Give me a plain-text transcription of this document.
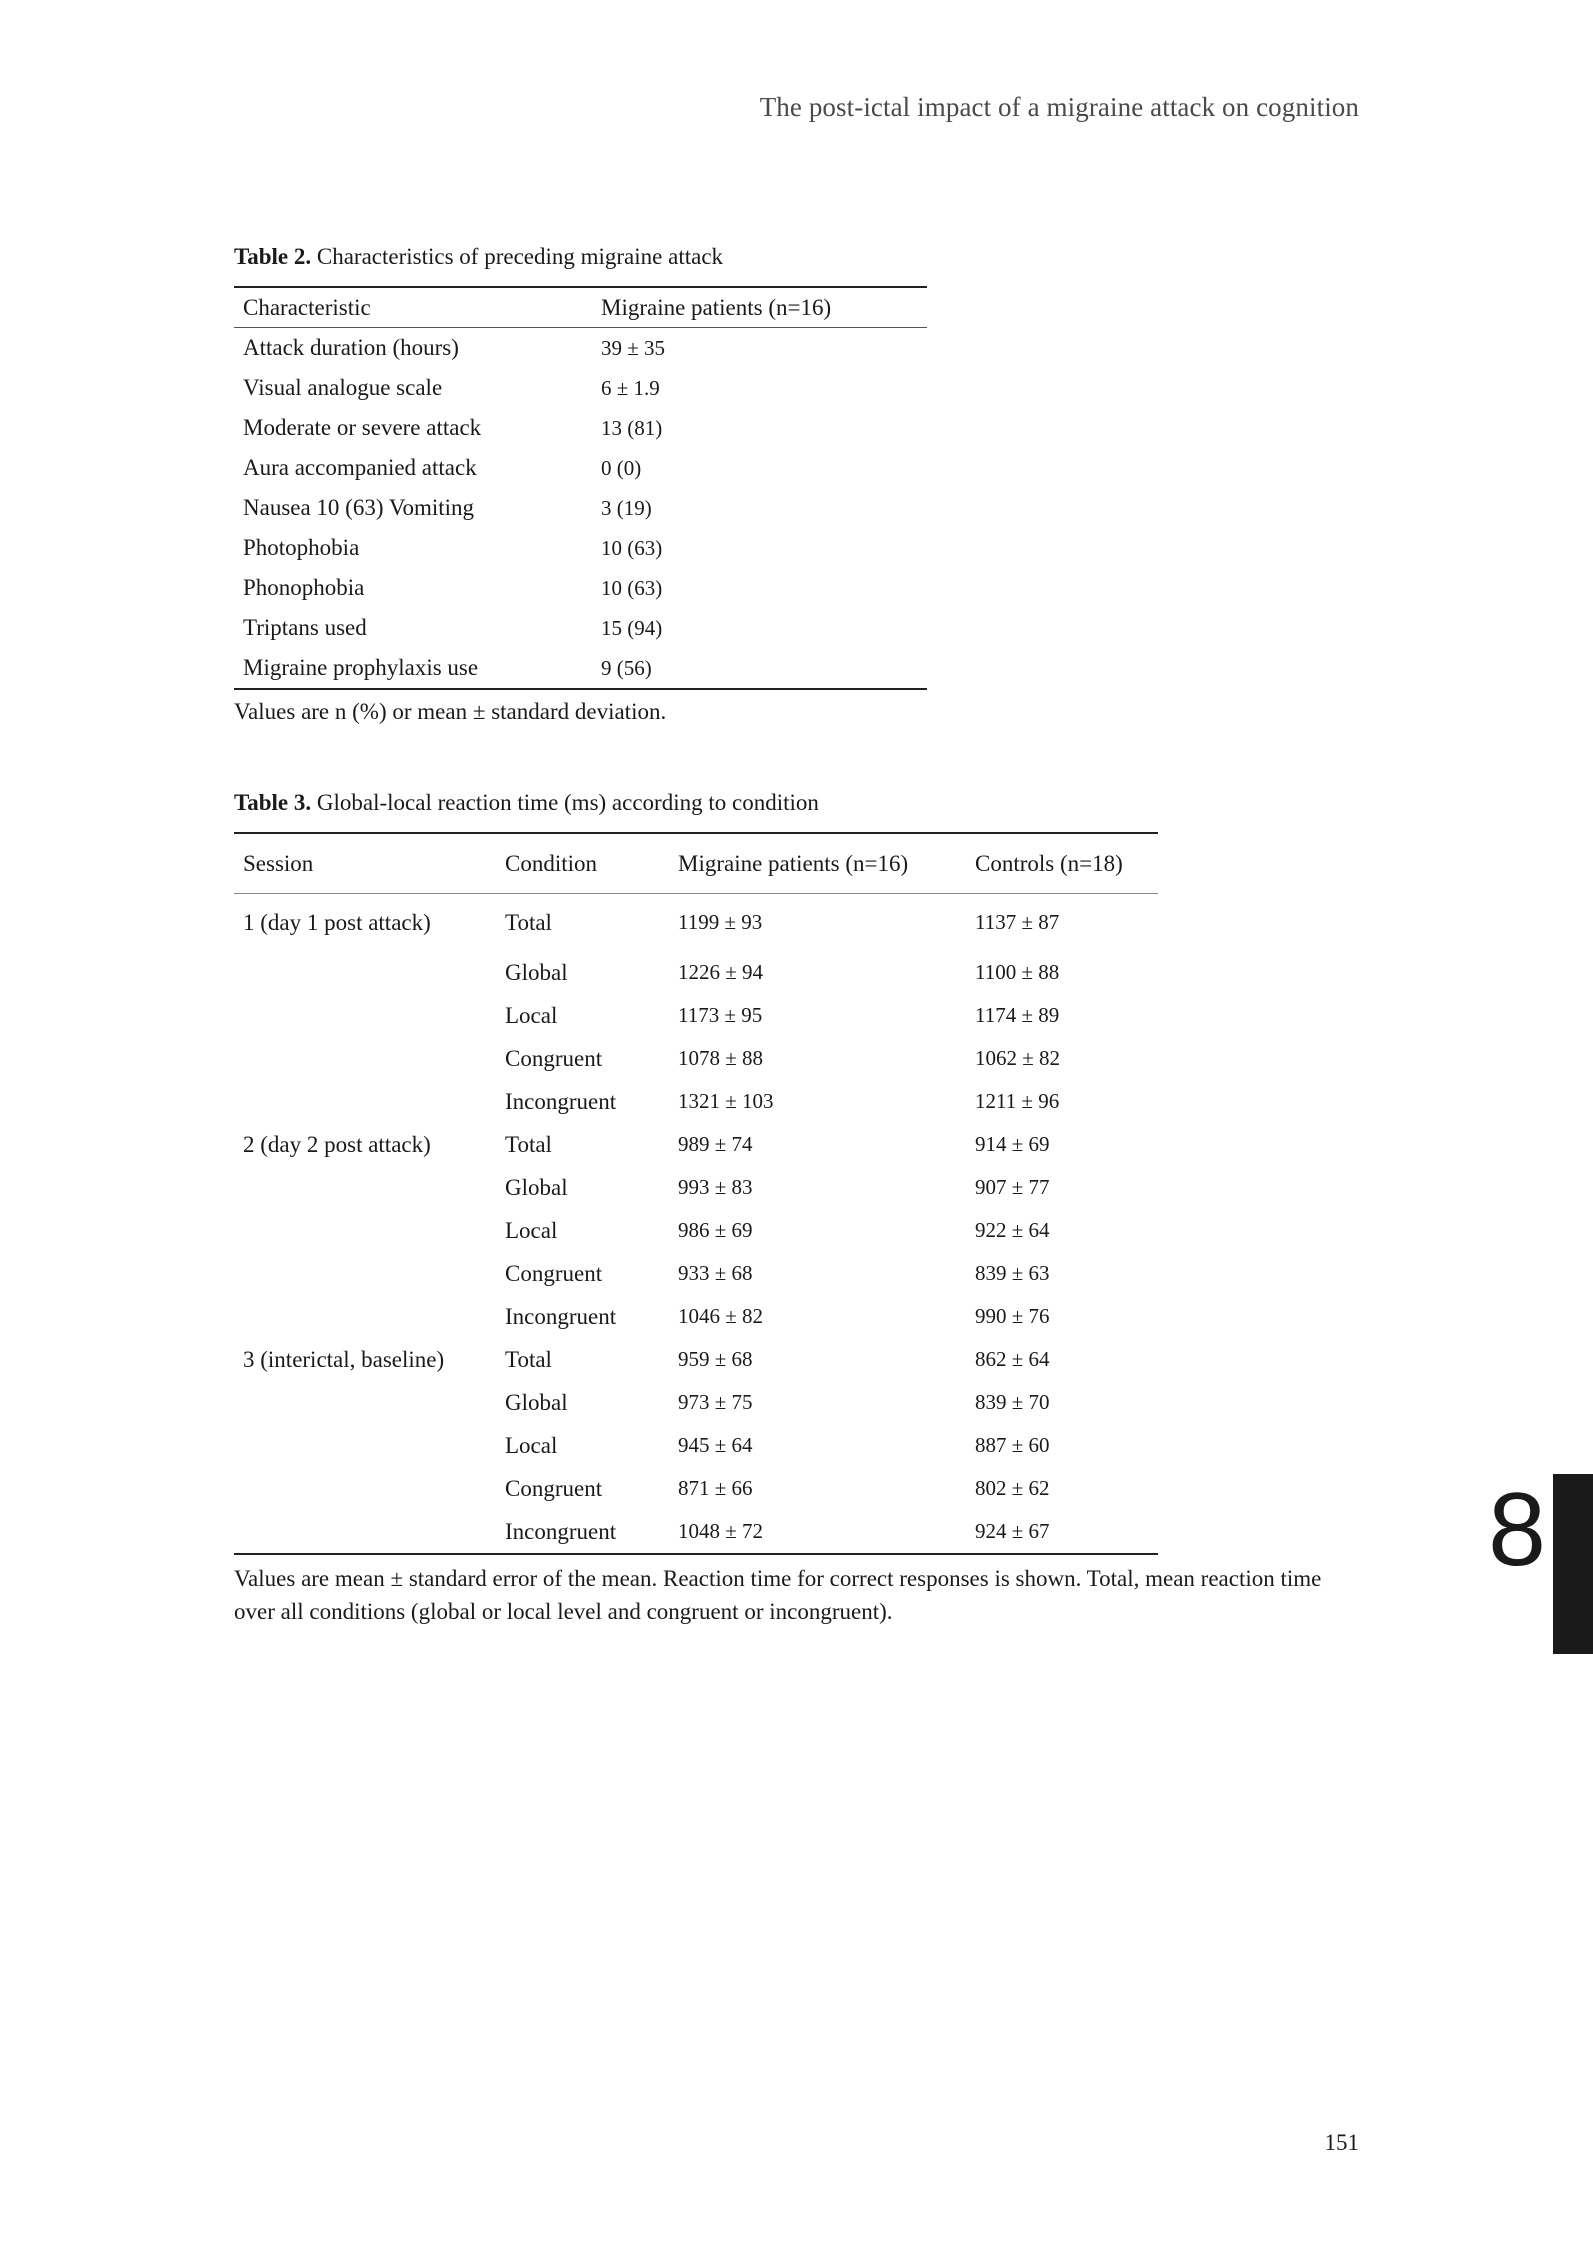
The post-ictal impact of a migraine attack on cognition
Table 2. Characteristics of preceding migraine attack
Characteristic	Migraine patients (n=16)
Attack duration (hours)	39 ± 35
Visual analogue scale	6 ± 1.9
Moderate or severe attack	13 (81)
Aura accompanied attack	0 (0)
Nausea 10 (63) Vomiting	3 (19)
Photophobia	10 (63)
Phonophobia	10 (63)
Triptans used	15 (94)
Migraine prophylaxis use	9 (56)
Values are n (%) or mean ± standard deviation.
Table 3. Global-local reaction time (ms) according to condition
Session	Condition	Migraine patients (n=16)	Controls (n=18)
1 (day 1 post attack)	Total	1199 ± 93	1137 ± 87
	Global	1226 ± 94	1100 ± 88
	Local	1173 ± 95	1174 ± 89
	Congruent	1078 ± 88	1062 ± 82
	Incongruent	1321 ± 103	1211 ± 96
2 (day 2 post attack)	Total	989 ± 74	914 ± 69
	Global	993 ± 83	907 ± 77
	Local	986 ± 69	922 ± 64
	Congruent	933 ± 68	839 ± 63
	Incongruent	1046 ± 82	990 ± 76
3 (interictal, baseline)	Total	959 ± 68	862 ± 64
	Global	973 ± 75	839 ± 70
	Local	945 ± 64	887 ± 60
	Congruent	871 ± 66	802 ± 62
	Incongruent	1048 ± 72	924 ± 67
Values are mean ± standard error of the mean. Reaction time for correct responses is shown. Total, mean reaction time over all conditions (global or local level and congruent or incongruent).
8
151
